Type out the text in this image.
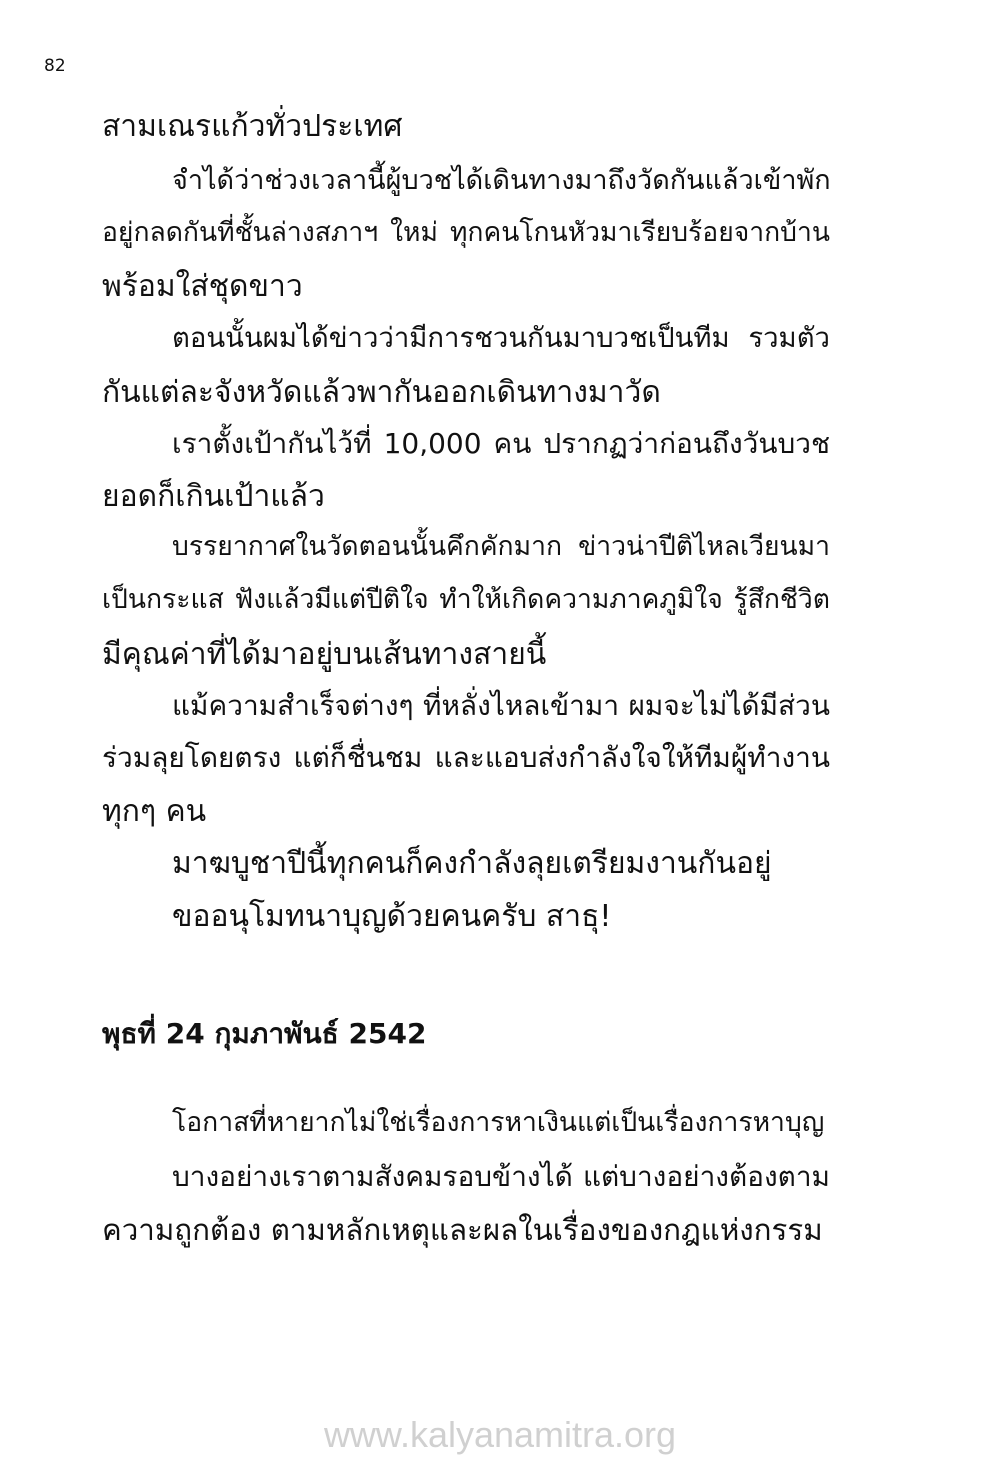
82
สามเณรแก้วทั่วประเทศ
จำได้ว่าช่วงเวลานี้ผู้บวชได้เดินทางมาถึงวัดกันแล้วเข้าพัก
อยู่กลดกันที่ชั้นล่างสภาฯ ใหม่ ทุกคนโกนหัวมาเรียบร้อยจากบ้าน
พร้อมใส่ชุดขาว
ตอนนั้นผมได้ข่าวว่ามีการชวนกันมาบวชเป็นทีม รวมตัว
กันแต่ละจังหวัดแล้วพากันออกเดินทางมาวัด
เราตั้งเป้ากันไว้ที่ 10,000 คน ปรากฏว่าก่อนถึงวันบวช
ยอดก็เกินเป้าแล้ว
บรรยากาศในวัดตอนนั้นคึกคักมาก ข่าวน่าปีติไหลเวียนมา
เป็นกระแส ฟังแล้วมีแต่ปีติใจ ทำให้เกิดความภาคภูมิใจ รู้สึกชีวิต
มีคุณค่าที่ได้มาอยู่บนเส้นทางสายนี้
แม้ความสำเร็จต่างๆ ที่หลั่งไหลเข้ามา ผมจะไม่ได้มีส่วน
ร่วมลุยโดยตรง แต่ก็ชื่นชม และแอบส่งกำลังใจให้ทีมผู้ทำงาน
ทุกๆ คน
มาฆบูชาปีนี้ทุกคนก็คงกำลังลุยเตรียมงานกันอยู่
ขออนุโมทนาบุญด้วยคนครับ สาธุ!
พุธที่ 24 กุมภาพันธ์ 2542
โอกาสที่หายากไม่ใช่เรื่องการหาเงินแต่เป็นเรื่องการหาบุญ
บางอย่างเราตามสังคมรอบข้างได้ แต่บางอย่างต้องตาม
ความถูกต้อง ตามหลักเหตุและผลในเรื่องของกฎแห่งกรรม
www.kalyanamitra.org
